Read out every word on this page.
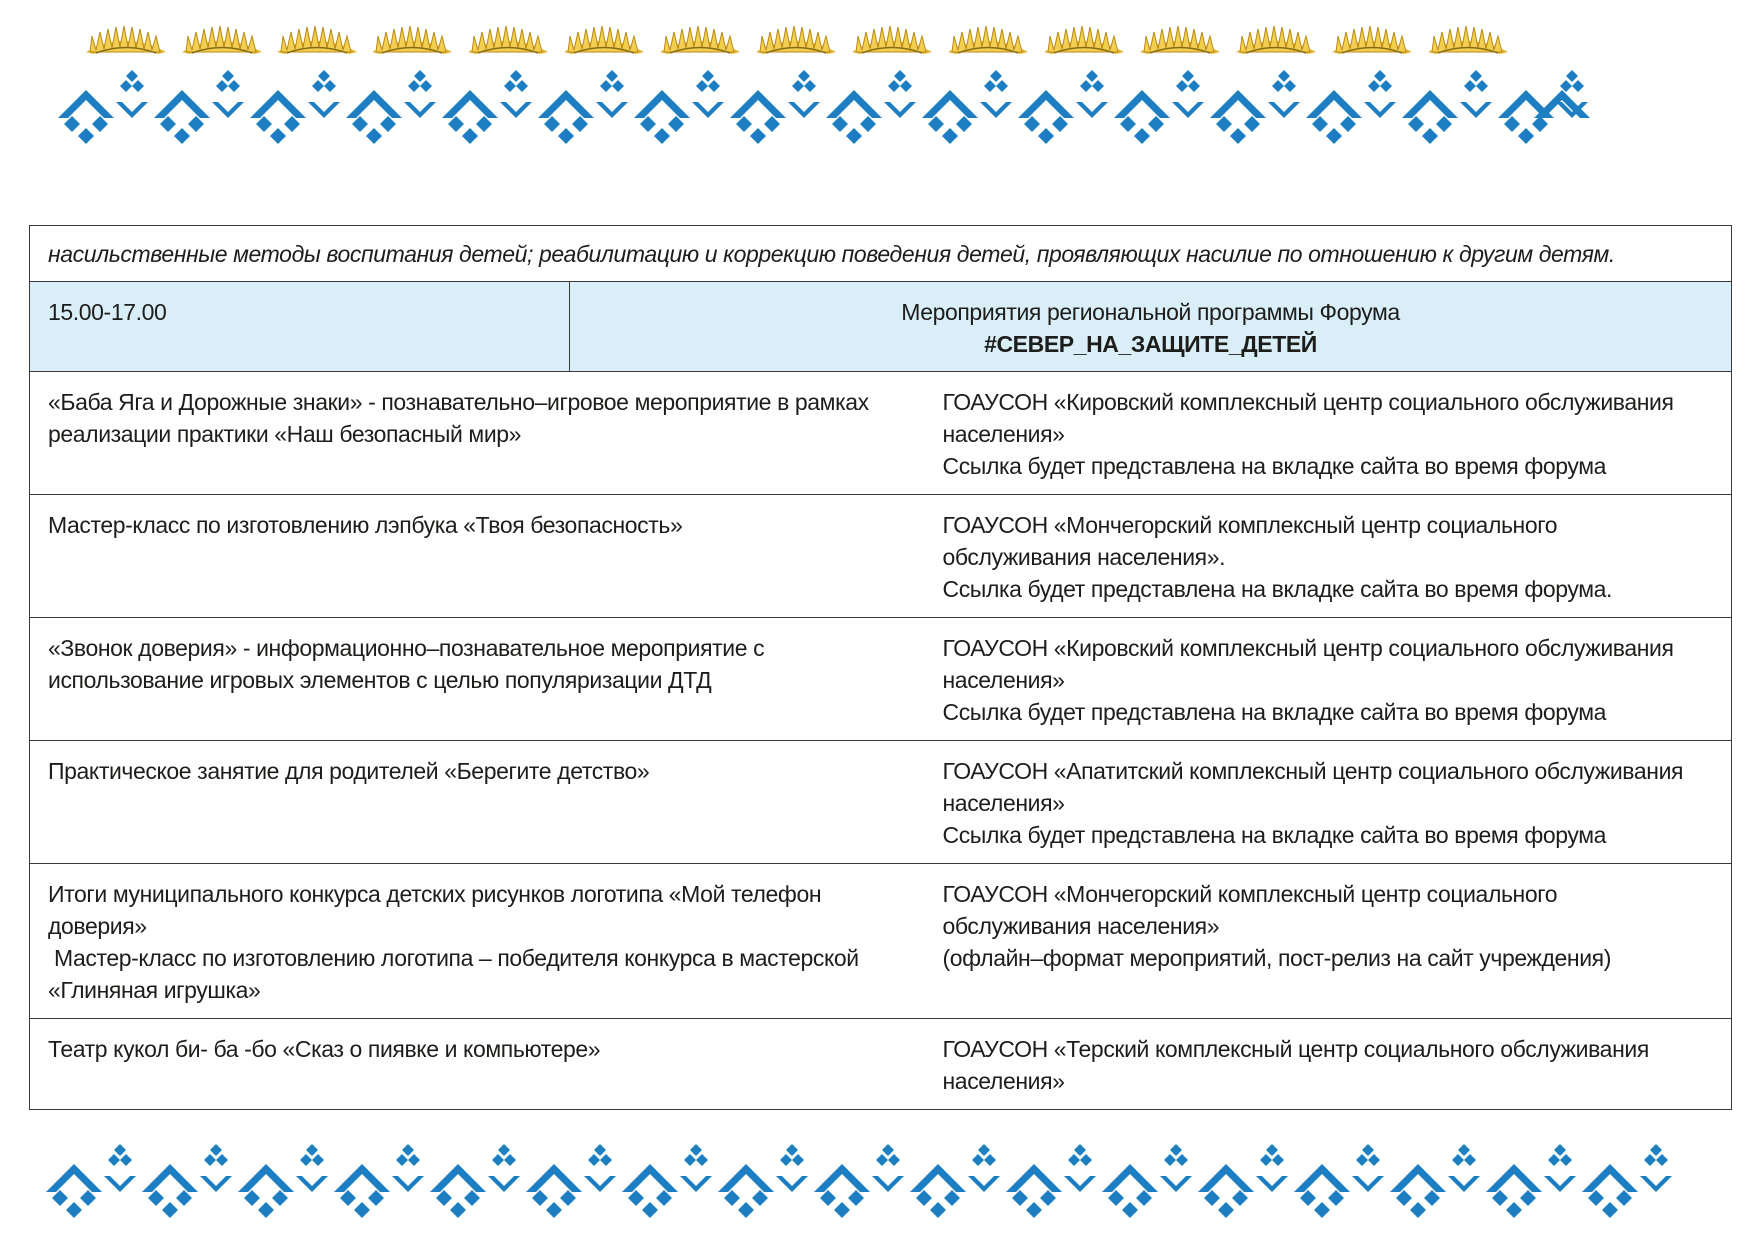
насильственные методы воспитания детей; реабилитацию и коррекцию поведения детей, проявляющих насилие по отношению к другим детям.		
15.00-17.00	Мероприятия региональной программы Форума
#СЕВЕР_НА_ЗАЩИТЕ_ДЕТЕЙ	

«Баба Яга и Дорожные знаки» - познавательно–игровое мероприятие в рамках
реализации практики «Наш безопасный мир»		ГОАУСОН «Кировский комплексный центр социального обслуживания
населения»
Ссылка будет представлена на вкладке сайта во время форума

Мастер-класс по изготовлению лэпбука «Твоя безопасность»		ГОАУСОН «Мончегорский комплексный центр социального
обслуживания населения».
Ссылка будет представлена на вкладке сайта во время форума.

«Звонок доверия» - информационно–познавательное мероприятие с
использование игровых элементов с целью популяризации ДТД		ГОАУСОН «Кировский комплексный центр социального обслуживания
населения»
Ссылка будет представлена на вкладке сайта во время форума

Практическое занятие для родителей «Берегите детство»		ГОАУСОН «Апатитский комплексный центр социального обслуживания
населения»
Ссылка будет представлена на вкладке сайта во время форума

Итоги муниципального конкурса детских рисунков логотипа «Мой телефон
доверия»
Мастер-класс по изготовлению логотипа – победителя конкурса в мастерской
«Глиняная игрушка»		ГОАУСОН «Мончегорский комплексный центр социального
обслуживания населения»
(офлайн–формат мероприятий, пост-релиз на сайт учреждения)

Театр кукол би- ба -бо «Сказ о пиявке и компьютере»		ГОАУСОН «Терский комплексный центр социального обслуживания
населения»
